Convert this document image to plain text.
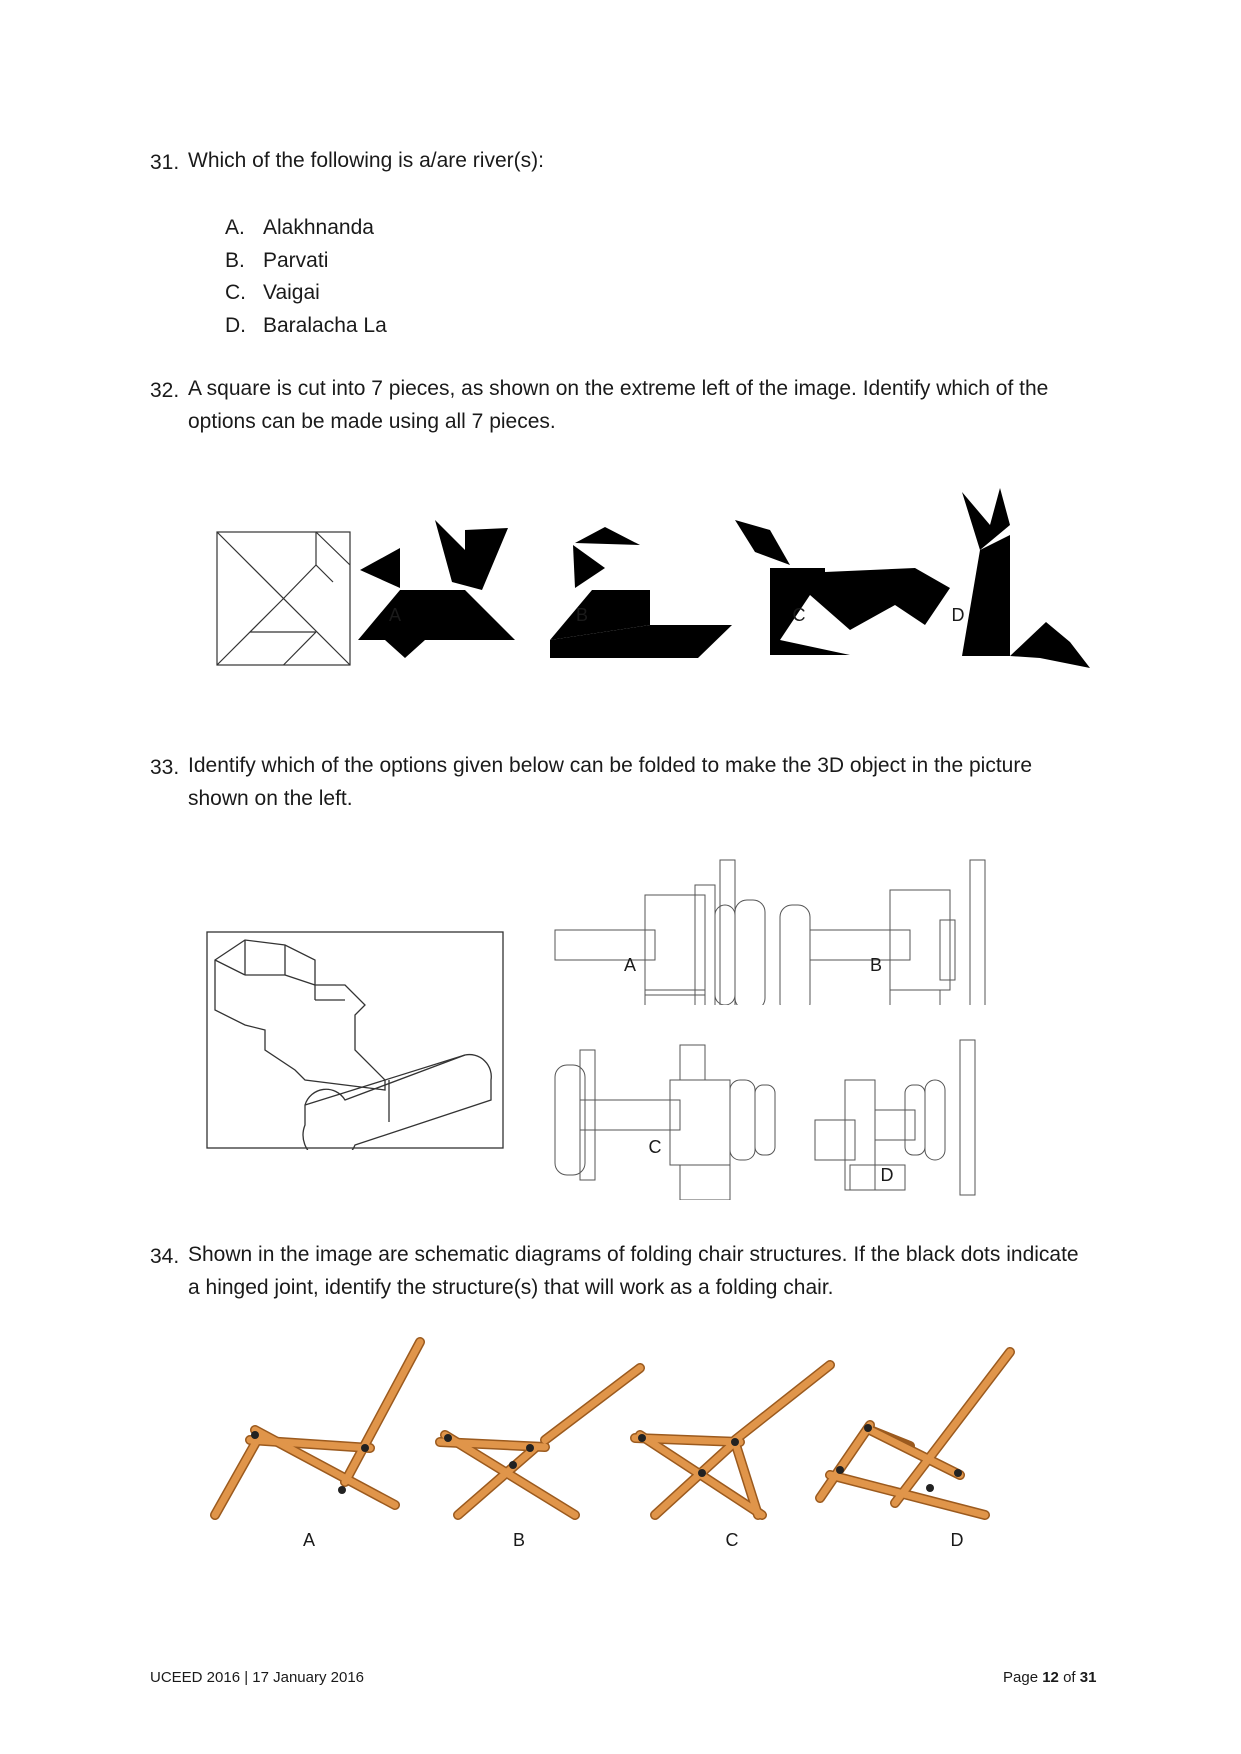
31. Which of the following is a/are river(s):
A. Alakhnanda
B. Parvati
C. Vaigai
D. Baralacha La
32. A square is cut into 7 pieces, as shown on the extreme left of the image. Identify which of the
options can be made using all 7 pieces.
A	B	C	D
33. Identify which of the options given below can be folded to make the 3D object in the picture
shown on the left.
A	B
C
D
34. Shown in the image are schematic diagrams of folding chair structures. If the black dots indicate
a hinged joint, identify the structure(s) that will work as a folding chair.
A	B	C	D
UCEED 2016 | 17 January 2016	Page 12 of 31
